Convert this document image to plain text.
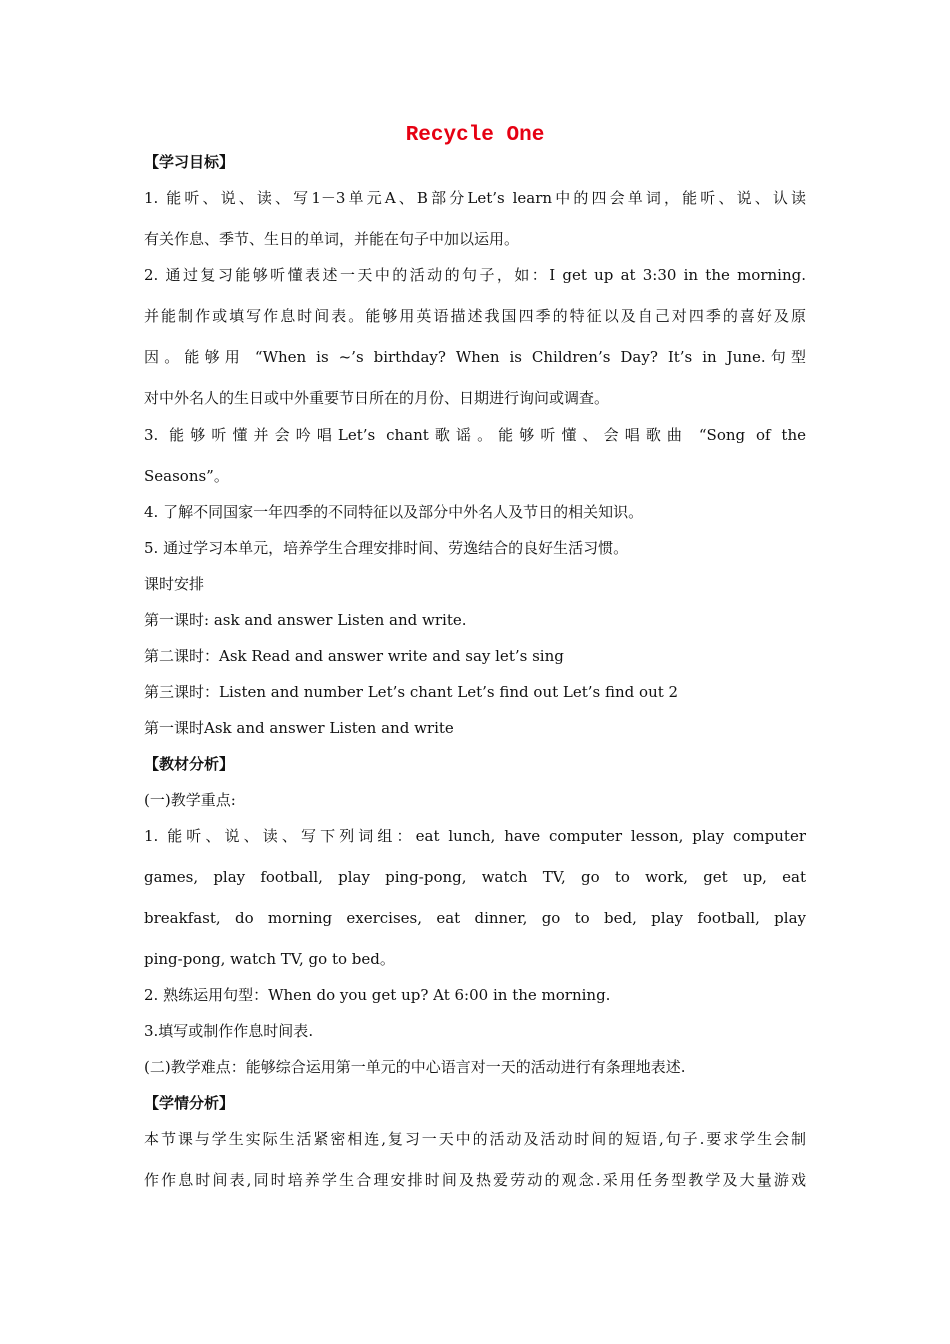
Recycle One
【学习目标】
1. 能听、说、读、写1－3单元A、B部分Let’s learn中的四会单词，能听、说、认读
有关作息、季节、生日的单词，并能在句子中加以运用。
2. 通过复习能够听懂表述一天中的活动的句子，如：I get up at 3:30 in the morning.
并能制作或填写作息时间表。能够用英语描述我国四季的特征以及自己对四季的喜好及原
因。能够用 “When is ~’s birthday? When is Children’s Day? It’s in June.句型
对中外名人的生日或中外重要节日所在的月份、日期进行询问或调查。
3. 能够听懂并会吟唱Let’s chant歌谣。能够听懂、会唱歌曲 “Song of the
Seasons”。
4. 了解不同国家一年四季的不同特征以及部分中外名人及节日的相关知识。
5. 通过学习本单元，培养学生合理安排时间、劳逸结合的良好生活习惯。
课时安排
第一课时: ask and answer Listen and write.
第二课时：Ask Read and answer write and say let’s sing
第三课时：Listen and number Let’s chant Let’s find out Let’s find out 2
第一课时Ask and answer Listen and write
【教材分析】
(一)教学重点:
1. 能听、说、读、写下列词组：eat lunch, have computer lesson, play computer
games, play football, play ping-pong, watch TV, go to work, get up, eat
breakfast, do morning exercises, eat dinner, go to bed, play football, play
ping-pong, watch TV, go to bed。
2. 熟练运用句型：When do you get up? At 6:00 in the morning.
3.填写或制作作息时间表.
(二)教学难点：能够综合运用第一单元的中心语言对一天的活动进行有条理地表述.
【学情分析】
本节课与学生实际生活紧密相连,复习一天中的活动及活动时间的短语,句子.要求学生会制
作作息时间表,同时培养学生合理安排时间及热爱劳动的观念.采用任务型教学及大量游戏
